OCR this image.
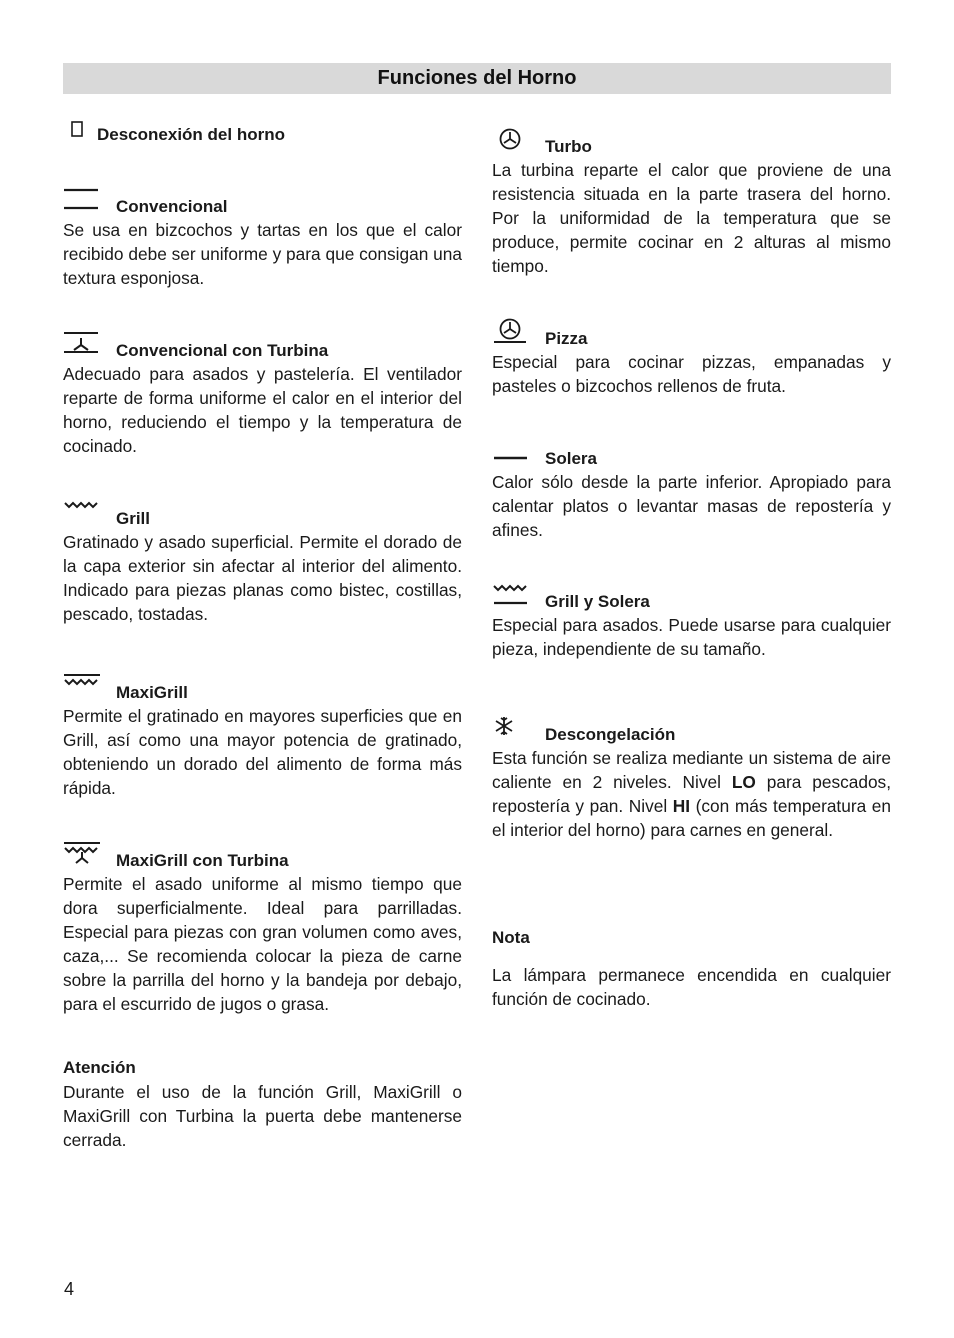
Funciones del Horno
Desconexión del horno
Convencional

Se usa en bizcochos y tartas en los que el calor recibido debe ser uniforme y para que consigan una textura esponjosa.

Convencional con Turbina

Adecuado para asados y pastelería. El ventilador reparte de forma uniforme el calor en el interior del horno, reduciendo el tiempo y la temperatura de cocinado.

Grill

Gratinado y asado superficial. Permite el dorado de la capa exterior sin afectar al interior del alimento. Indicado para piezas planas como bistec, costillas, pescado, tostadas.

MaxiGrill

Permite el gratinado en mayores superficies que en Grill, así como una mayor potencia de gratinado, obteniendo un dorado del alimento de forma más rápida.

MaxiGrill con Turbina

Permite el asado uniforme al mismo tiempo que dora superficialmente. Ideal para parrilladas. Especial para piezas con gran volumen como aves, caza,... Se recomienda colocar la pieza de carne sobre la parrilla del horno y la bandeja por debajo, para el escurrido de jugos o grasa.

Atención

Durante el uso de la función Grill, MaxiGrill o MaxiGrill con Turbina la puerta debe mantenerse cerrada.

Turbo

La turbina reparte el calor que proviene de una resistencia situada en la parte trasera del horno. Por la uniformidad de la temperatura que se produce, permite cocinar en 2 alturas al mismo tiempo.

Pizza

Especial para cocinar pizzas, empanadas y pasteles o bizcochos rellenos de fruta.

Solera

Calor sólo desde la parte inferior. Apropiado para calentar platos o levantar masas de repostería y afines.

Grill y Solera

Especial para asados. Puede usarse para cualquier pieza, independiente de su tamaño.

Descongelación

Esta función se realiza mediante un sistema de aire caliente en 2 niveles. Nivel LO para pescados, repostería y pan. Nivel HI (con más temperatura en el interior del horno) para carnes en general.

Nota

La lámpara permanece encendida en cualquier función de cocinado.

4
